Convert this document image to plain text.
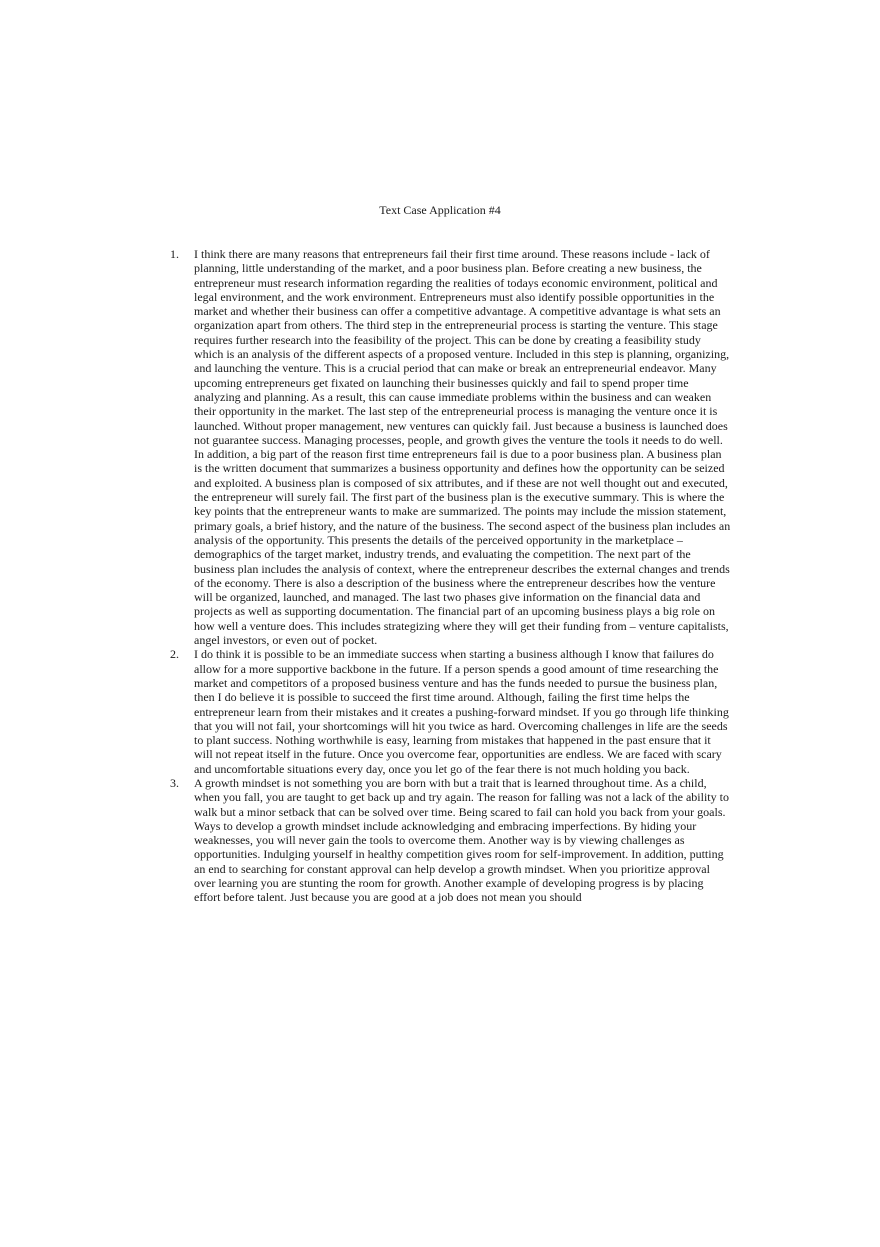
Text Case Application #4
1.	I think there are many reasons that entrepreneurs fail their first time around. These reasons include - lack of planning, little understanding of the market, and a poor business plan. Before creating a new business, the entrepreneur must research information regarding the realities of todays economic environment, political and legal environment, and the work environment. Entrepreneurs must also identify possible opportunities in the market and whether their business can offer a competitive advantage. A competitive advantage is what sets an organization apart from others. The third step in the entrepreneurial process is starting the venture. This stage requires further research into the feasibility of the project. This can be done by creating a feasibility study which is an analysis of the different aspects of a proposed venture. Included in this step is planning, organizing, and launching the venture. This is a crucial period that can make or break an entrepreneurial endeavor. Many upcoming entrepreneurs get fixated on launching their businesses quickly and fail to spend proper time analyzing and planning. As a result, this can cause immediate problems within the business and can weaken their opportunity in the market. The last step of the entrepreneurial process is managing the venture once it is launched. Without proper management, new ventures can quickly fail. Just because a business is launched does not guarantee success. Managing processes, people, and growth gives the venture the tools it needs to do well. In addition, a big part of the reason first time entrepreneurs fail is due to a poor business plan. A business plan is the written document that summarizes a business opportunity and defines how the opportunity can be seized and exploited. A business plan is composed of six attributes, and if these are not well thought out and executed, the entrepreneur will surely fail. The first part of the business plan is the executive summary. This is where the key points that the entrepreneur wants to make are summarized. The points may include the mission statement, primary goals, a brief history, and the nature of the business. The second aspect of the business plan includes an analysis of the opportunity. This presents the details of the perceived opportunity in the marketplace – demographics of the target market, industry trends, and evaluating the competition. The next part of the business plan includes the analysis of context, where the entrepreneur describes the external changes and trends of the economy. There is also a description of the business where the entrepreneur describes how the venture will be organized, launched, and managed. The last two phases give information on the financial data and projects as well as supporting documentation. The financial part of an upcoming business plays a big role on how well a venture does. This includes strategizing where they will get their funding from – venture capitalists, angel investors, or even out of pocket.

2.	I do think it is possible to be an immediate success when starting a business although I know that failures do allow for a more supportive backbone in the future. If a person spends a good amount of time researching the market and competitors of a proposed business venture and has the funds needed to pursue the business plan, then I do believe it is possible to succeed the first time around. Although, failing the first time helps the entrepreneur learn from their mistakes and it creates a pushing-forward mindset. If you go through life thinking that you will not fail, your shortcomings will hit you twice as hard. Overcoming challenges in life are the seeds to plant success. Nothing worthwhile is easy, learning from mistakes that happened in the past ensure that it will not repeat itself in the future. Once you overcome fear, opportunities are endless. We are faced with scary and uncomfortable situations every day, once you let go of the fear there is not much holding you back.

3.	A growth mindset is not something you are born with but a trait that is learned throughout time. As a child, when you fall, you are taught to get back up and try again. The reason for falling was not a lack of the ability to walk but a minor setback that can be solved over time. Being scared to fail can hold you back from your goals. Ways to develop a growth mindset include acknowledging and embracing imperfections. By hiding your weaknesses, you will never gain the tools to overcome them. Another way is by viewing challenges as opportunities. Indulging yourself in healthy competition gives room for self-improvement. In addition, putting an end to searching for constant approval can help develop a growth mindset. When you prioritize approval over learning you are stunting the room for growth. Another example of developing progress is by placing effort before talent. Just because you are good at a job does not mean you should
